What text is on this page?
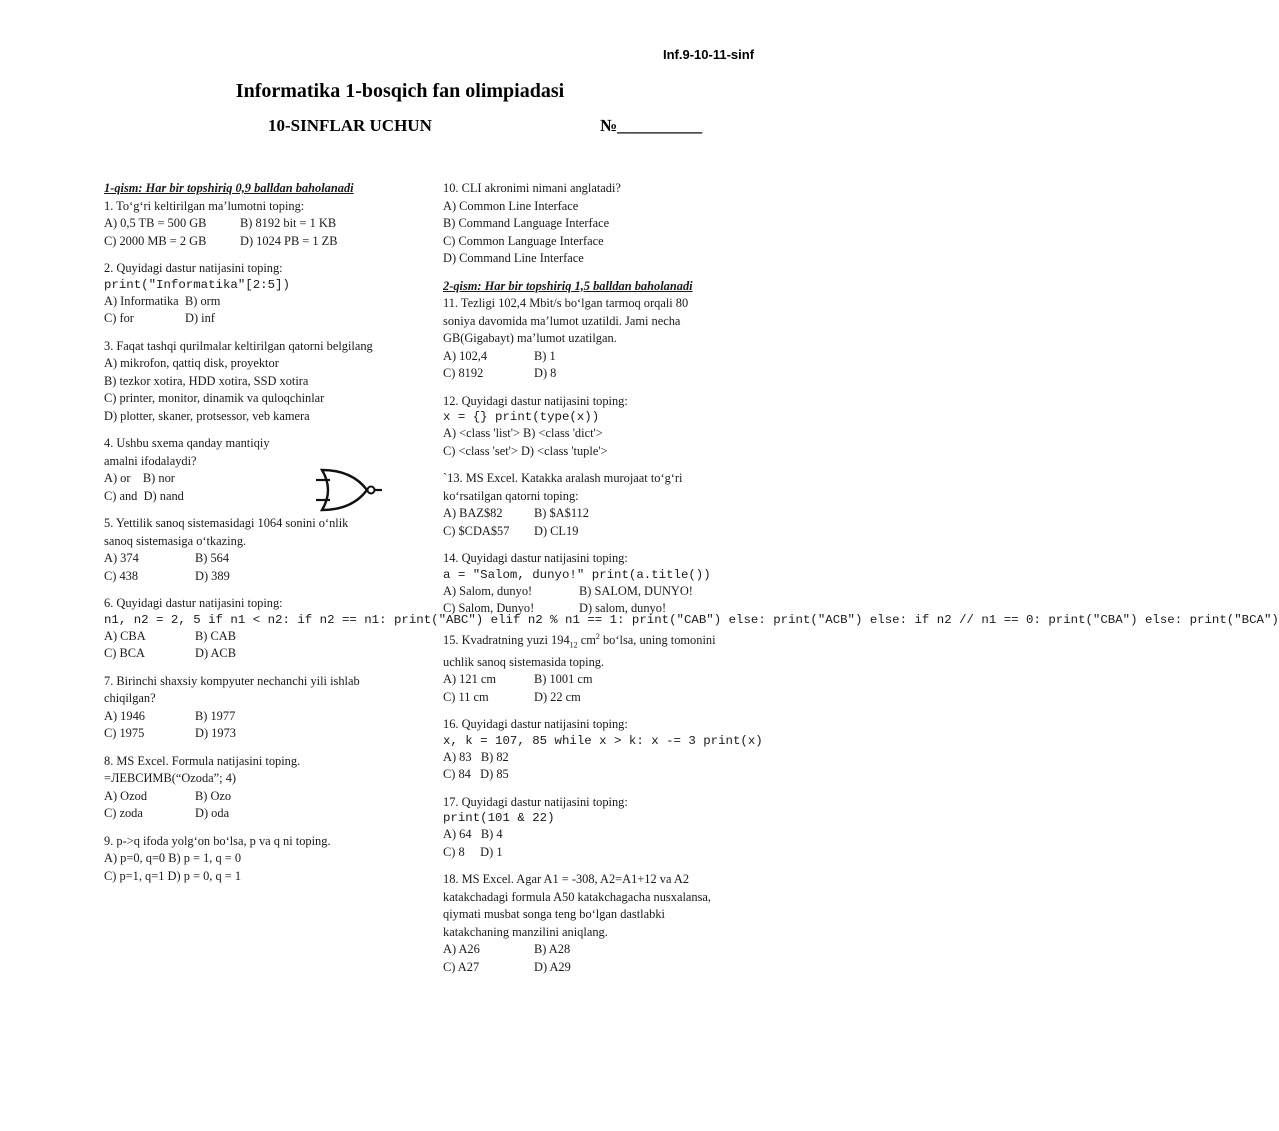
Inf.9-10-11-sinf
Informatika 1-bosqich fan olimpiadasi
10-SINFLAR UCHUN	№__________

1-qism: Har bir topshiriq 0,9 balldan baholanadi

1. To‘g‘ri keltirilgan ma’lumotni toping:

A) 0,5 TB = 500 GB	B) 8192 bit = 1 KB

C) 2000 MB = 2 GB	D) 1024 PB = 1 ZB

2. Quyidagi dastur natijasini toping:

print("Informatika"[2:5])

A) Informatika B) orm

C) for	D) inf

3. Faqat tashqi qurilmalar keltirilgan qatorni belgilang

A) mikrofon, qattiq disk, proyektor

B) tezkor xotira, HDD xotira, SSD xotira

C) printer, monitor, dinamik va quloqchinlar

D) plotter, skaner, protsessor, veb kamera

4. Ushbu sxema qanday mantiqiy

amalni ifodalaydi?

A) or    B) nor

C) and  D) nand

5. Yettilik sanoq sistemasidagi 1064 sonini o‘nlik

sanoq sistemasiga o‘tkazing.

A) 374	B) 564

C) 438	D) 389

6. Quyidagi dastur natijasini toping:

n1, n2 = 2, 5 if n1 < n2: if n2 == n1: print("ABC") elif n2 % n1 == 1: print("CAB") else: print("ACB") else: if n2 // n1 == 0: print("CBA") else: print("BCA")

A) CBA	B) CAB

C) BCA	D) ACB

7. Birinchi shaxsiy kompyuter nechanchi yili ishlab

chiqilgan?

A) 1946	B) 1977

C) 1975	D) 1973

8. MS Excel. Formula natijasini toping.

=ЛЕВСИМВ(“Ozoda”; 4)

A) Ozod	B) Ozo

C) zoda	D) oda

9. p->q ifoda yolg‘on bo‘lsa, p va q ni toping.

A) p=0, q=0 B) p = 1, q = 0

C) p=1, q=1 D) p = 0, q = 1

10. CLI akronimi nimani anglatadi?

A) Common Line Interface

B) Command Language Interface

C) Common Language Interface

D) Command Line Interface

2-qism: Har bir topshiriq 1,5 balldan baholanadi

11. Tezligi 102,4 Mbit/s bo‘lgan tarmoq orqali 80

soniya davomida ma’lumot uzatildi. Jami necha

GB(Gigabayt) ma’lumot uzatilgan.

A) 102,4	B) 1

C) 8192	D) 8

12. Quyidagi dastur natijasini toping:

x = {} print(type(x))

A) <class 'list'> B) <class 'dict'>

C) <class 'set'> D) <class 'tuple'>

`13. MS Excel. Katakka aralash murojaat to‘g‘ri

ko‘rsatilgan qatorni toping:

A) BAZ$82	B) $A$112

C) $CDA$57	D) CL19

14. Quyidagi dastur natijasini toping:

a = "Salom, dunyo!" print(a.title())

A) Salom, dunyo!	B) SALOM, DUNYO!

C) Salom, Dunyo!	D) salom, dunyo!

15. Kvadratning yuzi $194_{12}$ $cm^2$ bo‘lsa, uning tomonini

uchlik sanoq sistemasida toping.

A) 121 cm	B) 1001 cm

C) 11 cm	D) 22 cm

16. Quyidagi dastur natijasini toping:

x, k = 107, 85 while x > k: x -= 3 print(x)

A) 83   B) 82

C) 84   D) 85

17. Quyidagi dastur natijasini toping:

print(101 & 22)

A) 64   B) 4

C) 8     D) 1

18. MS Excel. Agar A1 = -308, A2=A1+12 va A2

katakchadagi formula A50 katakchagacha nusxalansa,

qiymati musbat songa teng bo‘lgan dastlabki

katakchaning manzilini aniqlang.

A) A26	B) A28

C) A27	D) A29
